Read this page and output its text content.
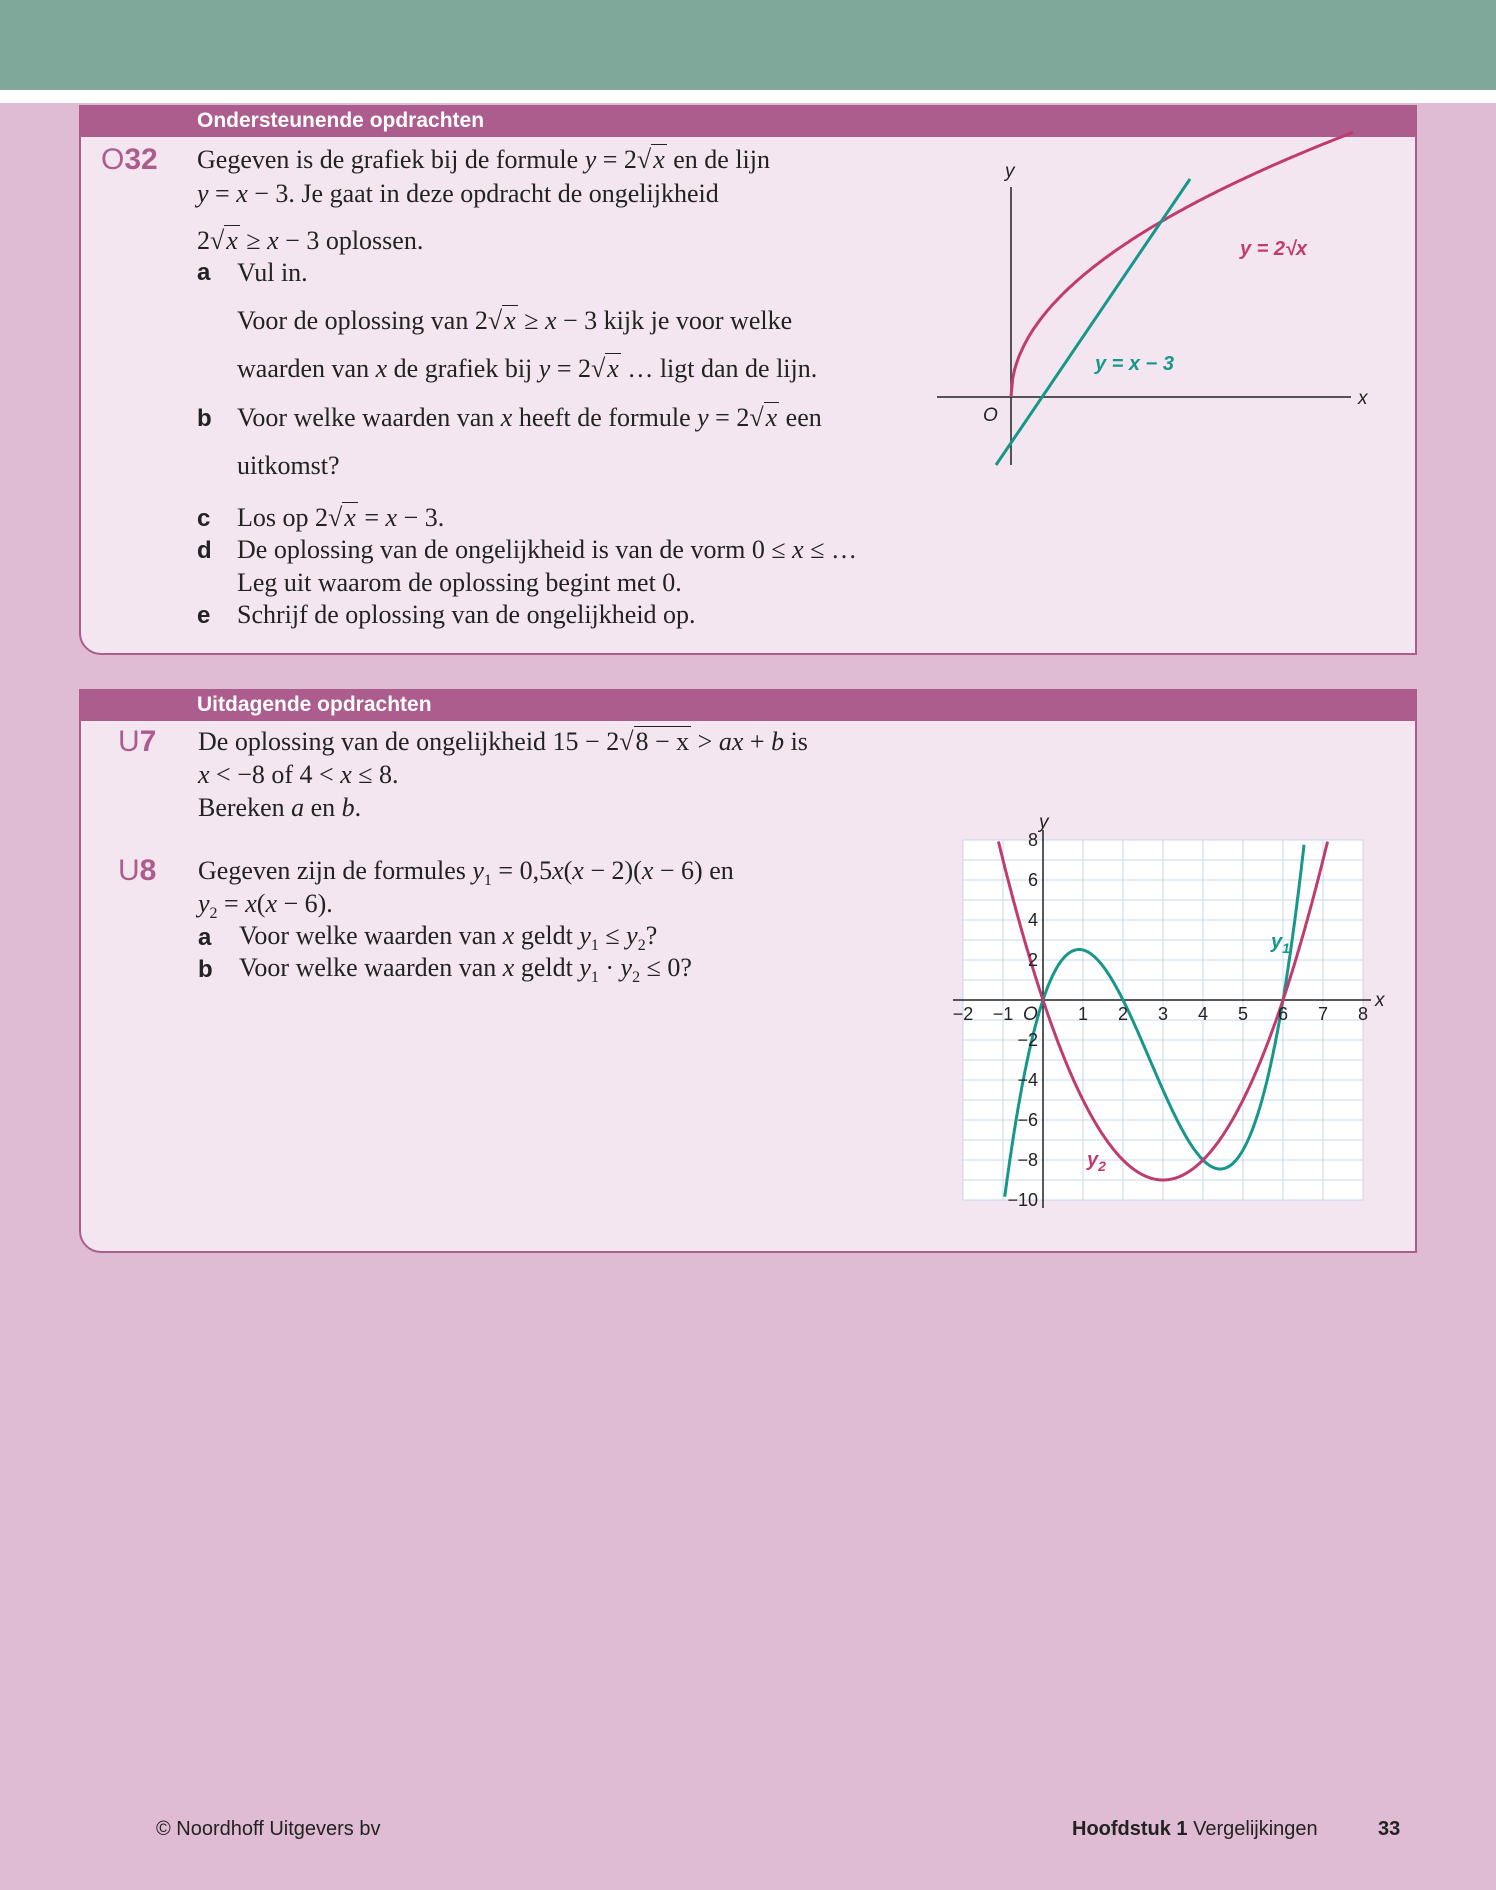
Ondersteunende opdrachten
O32 Gegeven is de grafiek bij de formule y = 2√x en de lijn
y = x − 3. Je gaat in deze opdracht de ongelijkheid
2√x ≥ x − 3 oplossen.
a Vul in.
Voor de oplossing van 2√x ≥ x − 3 kijk je voor welke
waarden van x de grafiek bij y = 2√x … ligt dan de lijn.
b Voor welke waarden van x heeft de formule y = 2√x een
uitkomst?
c Los op 2√x = x − 3.
d De oplossing van de ongelijkheid is van de vorm 0 ≤ x ≤ …
Leg uit waarom de oplossing begint met 0.
e Schrijf de oplossing van de ongelijkheid op.
y
x
O
y = 2√x
y = x − 3
Uitdagende opdrachten
U7 De oplossing van de ongelijkheid 15 − 2√8 − x > ax + b is
x < −8 of 4 < x ≤ 8.
Bereken a en b.
U8 Gegeven zijn de formules $y_1 = 0,5x(x - 2)(x - 6)$ en
$y_2 = x(x - 6)$.
a Voor welke waarden van x geldt $y_1 \le y_2$?
b Voor welke waarden van x geldt $y_1 \cdot y_2 \le 0$?
x
y
O
$y_1$
$y_2$
−2 −1	1 2 3 4 5 6 7 8
8
6
4
2
−2
−4
−6
−8
−10
© Noordhoff Uitgevers bv	Hoofdstuk 1 Vergelijkingen	33
